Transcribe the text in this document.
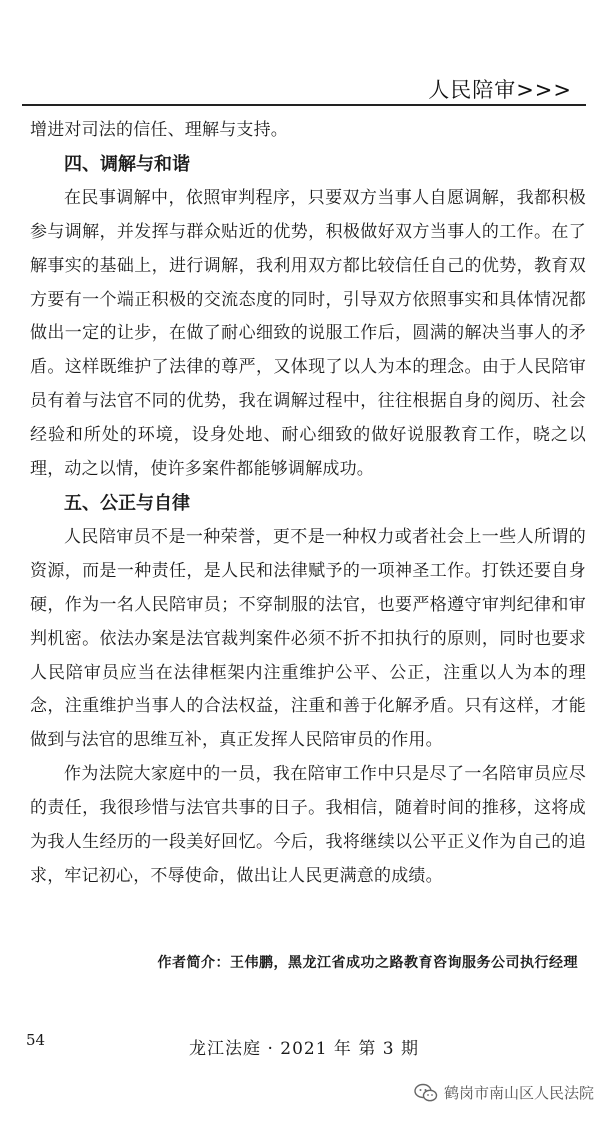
人民陪审>>>

增进对司法的信任、理解与支持。

四、调解与和谐

在民事调解中，依照审判程序，只要双方当事人自愿调解，我都积极参与调解，并发挥与群众贴近的优势，积极做好双方当事人的工作。在了解事实的基础上，进行调解，我利用双方都比较信任自己的优势，教育双方要有一个端正积极的交流态度的同时，引导双方依照事实和具体情况都做出一定的让步，在做了耐心细致的说服工作后，圆满的解决当事人的矛盾。这样既维护了法律的尊严，又体现了以人为本的理念。由于人民陪审员有着与法官不同的优势，我在调解过程中，往往根据自身的阅历、社会经验和所处的环境，设身处地、耐心细致的做好说服教育工作，晓之以理，动之以情，使许多案件都能够调解成功。

五、公正与自律

人民陪审员不是一种荣誉，更不是一种权力或者社会上一些人所谓的资源，而是一种责任，是人民和法律赋予的一项神圣工作。打铁还要自身硬，作为一名人民陪审员；不穿制服的法官，也要严格遵守审判纪律和审判机密。依法办案是法官裁判案件必须不折不扣执行的原则，同时也要求人民陪审员应当在法律框架内注重维护公平、公正，注重以人为本的理念，注重维护当事人的合法权益，注重和善于化解矛盾。只有这样，才能做到与法官的思维互补，真正发挥人民陪审员的作用。

作为法院大家庭中的一员，我在陪审工作中只是尽了一名陪审员应尽的责任，我很珍惜与法官共事的日子。我相信，随着时间的推移，这将成为我人生经历的一段美好回忆。今后，我将继续以公平正义作为自己的追求，牢记初心，不辱使命，做出让人民更满意的成绩。

作者简介：王伟鹏，黑龙江省成功之路教育咨询服务公司执行经理
54	龙江法庭 · 2021 年 第 3 期
鹤岗市南山区人民法院
